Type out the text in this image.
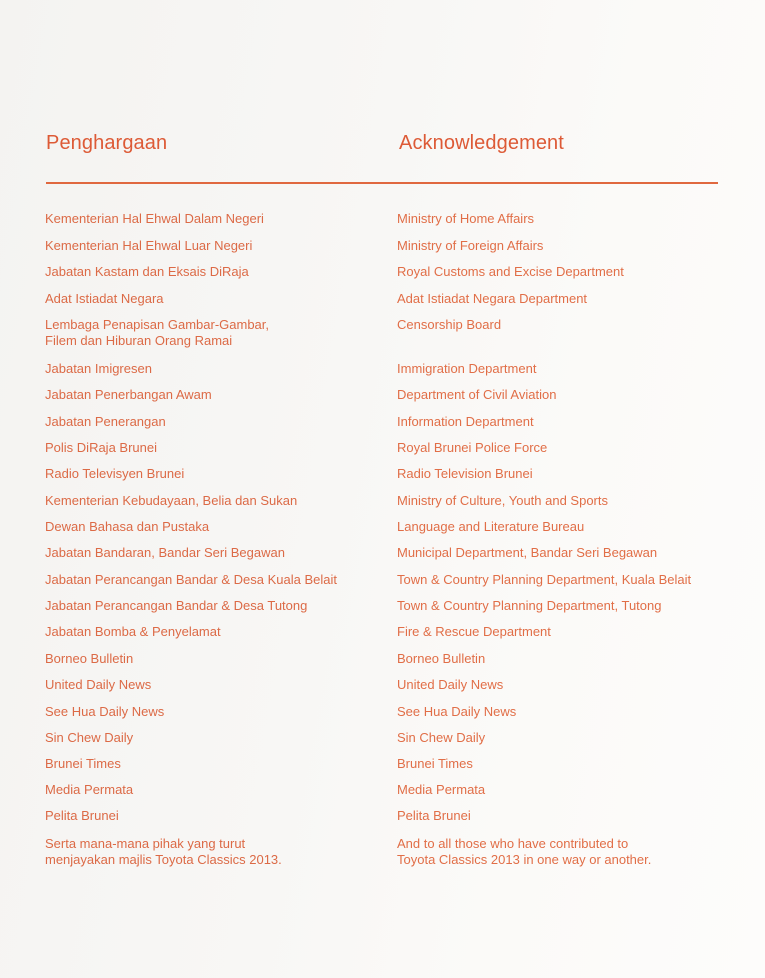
Penghargaan	Acknowledgement
Kementerian Hal Ehwal Dalam Negeri
Kementerian Hal Ehwal Luar Negeri
Jabatan Kastam dan Eksais DiRaja
Adat Istiadat Negara
Lembaga Penapisan Gambar-Gambar,
Filem dan Hiburan Orang Ramai
Jabatan Imigresen
Jabatan Penerbangan Awam
Jabatan Penerangan
Polis DiRaja Brunei
Radio Televisyen Brunei
Kementerian Kebudayaan, Belia dan Sukan
Dewan Bahasa dan Pustaka
Jabatan Bandaran, Bandar Seri Begawan
Jabatan Perancangan Bandar & Desa Kuala Belait
Jabatan Perancangan Bandar & Desa Tutong
Jabatan Bomba & Penyelamat
Borneo Bulletin
United Daily News
See Hua Daily News
Sin Chew Daily
Brunei Times
Media Permata
Pelita Brunei
Serta mana-mana pihak yang turut
menjayakan majlis Toyota Classics 2013.
Ministry of Home Affairs
Ministry of Foreign Affairs
Royal Customs and Excise Department
Adat Istiadat Negara Department
Censorship Board
Immigration Department
Department of Civil Aviation
Information Department
Royal Brunei Police Force
Radio Television Brunei
Ministry of Culture, Youth and Sports
Language and Literature Bureau
Municipal Department, Bandar Seri Begawan
Town & Country Planning Department, Kuala Belait
Town & Country Planning Department, Tutong
Fire & Rescue Department
Borneo Bulletin
United Daily News
See Hua Daily News
Sin Chew Daily
Brunei Times
Media Permata
Pelita Brunei
And to all those who have contributed to
Toyota Classics 2013 in one way or another.
